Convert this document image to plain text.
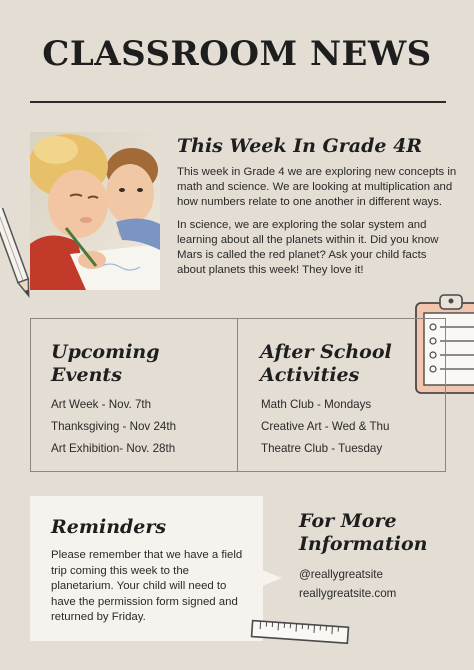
CLASSROOM NEWS
This Week In Grade 4R

This week in Grade 4 we are exploring new concepts in math and science. We are looking at multiplication and how numbers relate to one another in different ways.

In science, we are exploring the solar system and learning about all the planets within it. Did you know Mars is called the red planet? Ask your child facts about planets this week! They love it!

Upcoming
Events
Art Week - Nov. 7th
Thanksgiving - Nov 24th
Art Exhibition- Nov. 28th
After School
Activities
Math Club - Mondays
Creative Art - Wed & Thu
Theatre Club - Tuesday
Reminders

Please remember that we have a field trip coming this week to the planetarium. Your child will need to have the permission form signed and returned by Friday.

For More
Information
@reallygreatsite
reallygreatsite.com
